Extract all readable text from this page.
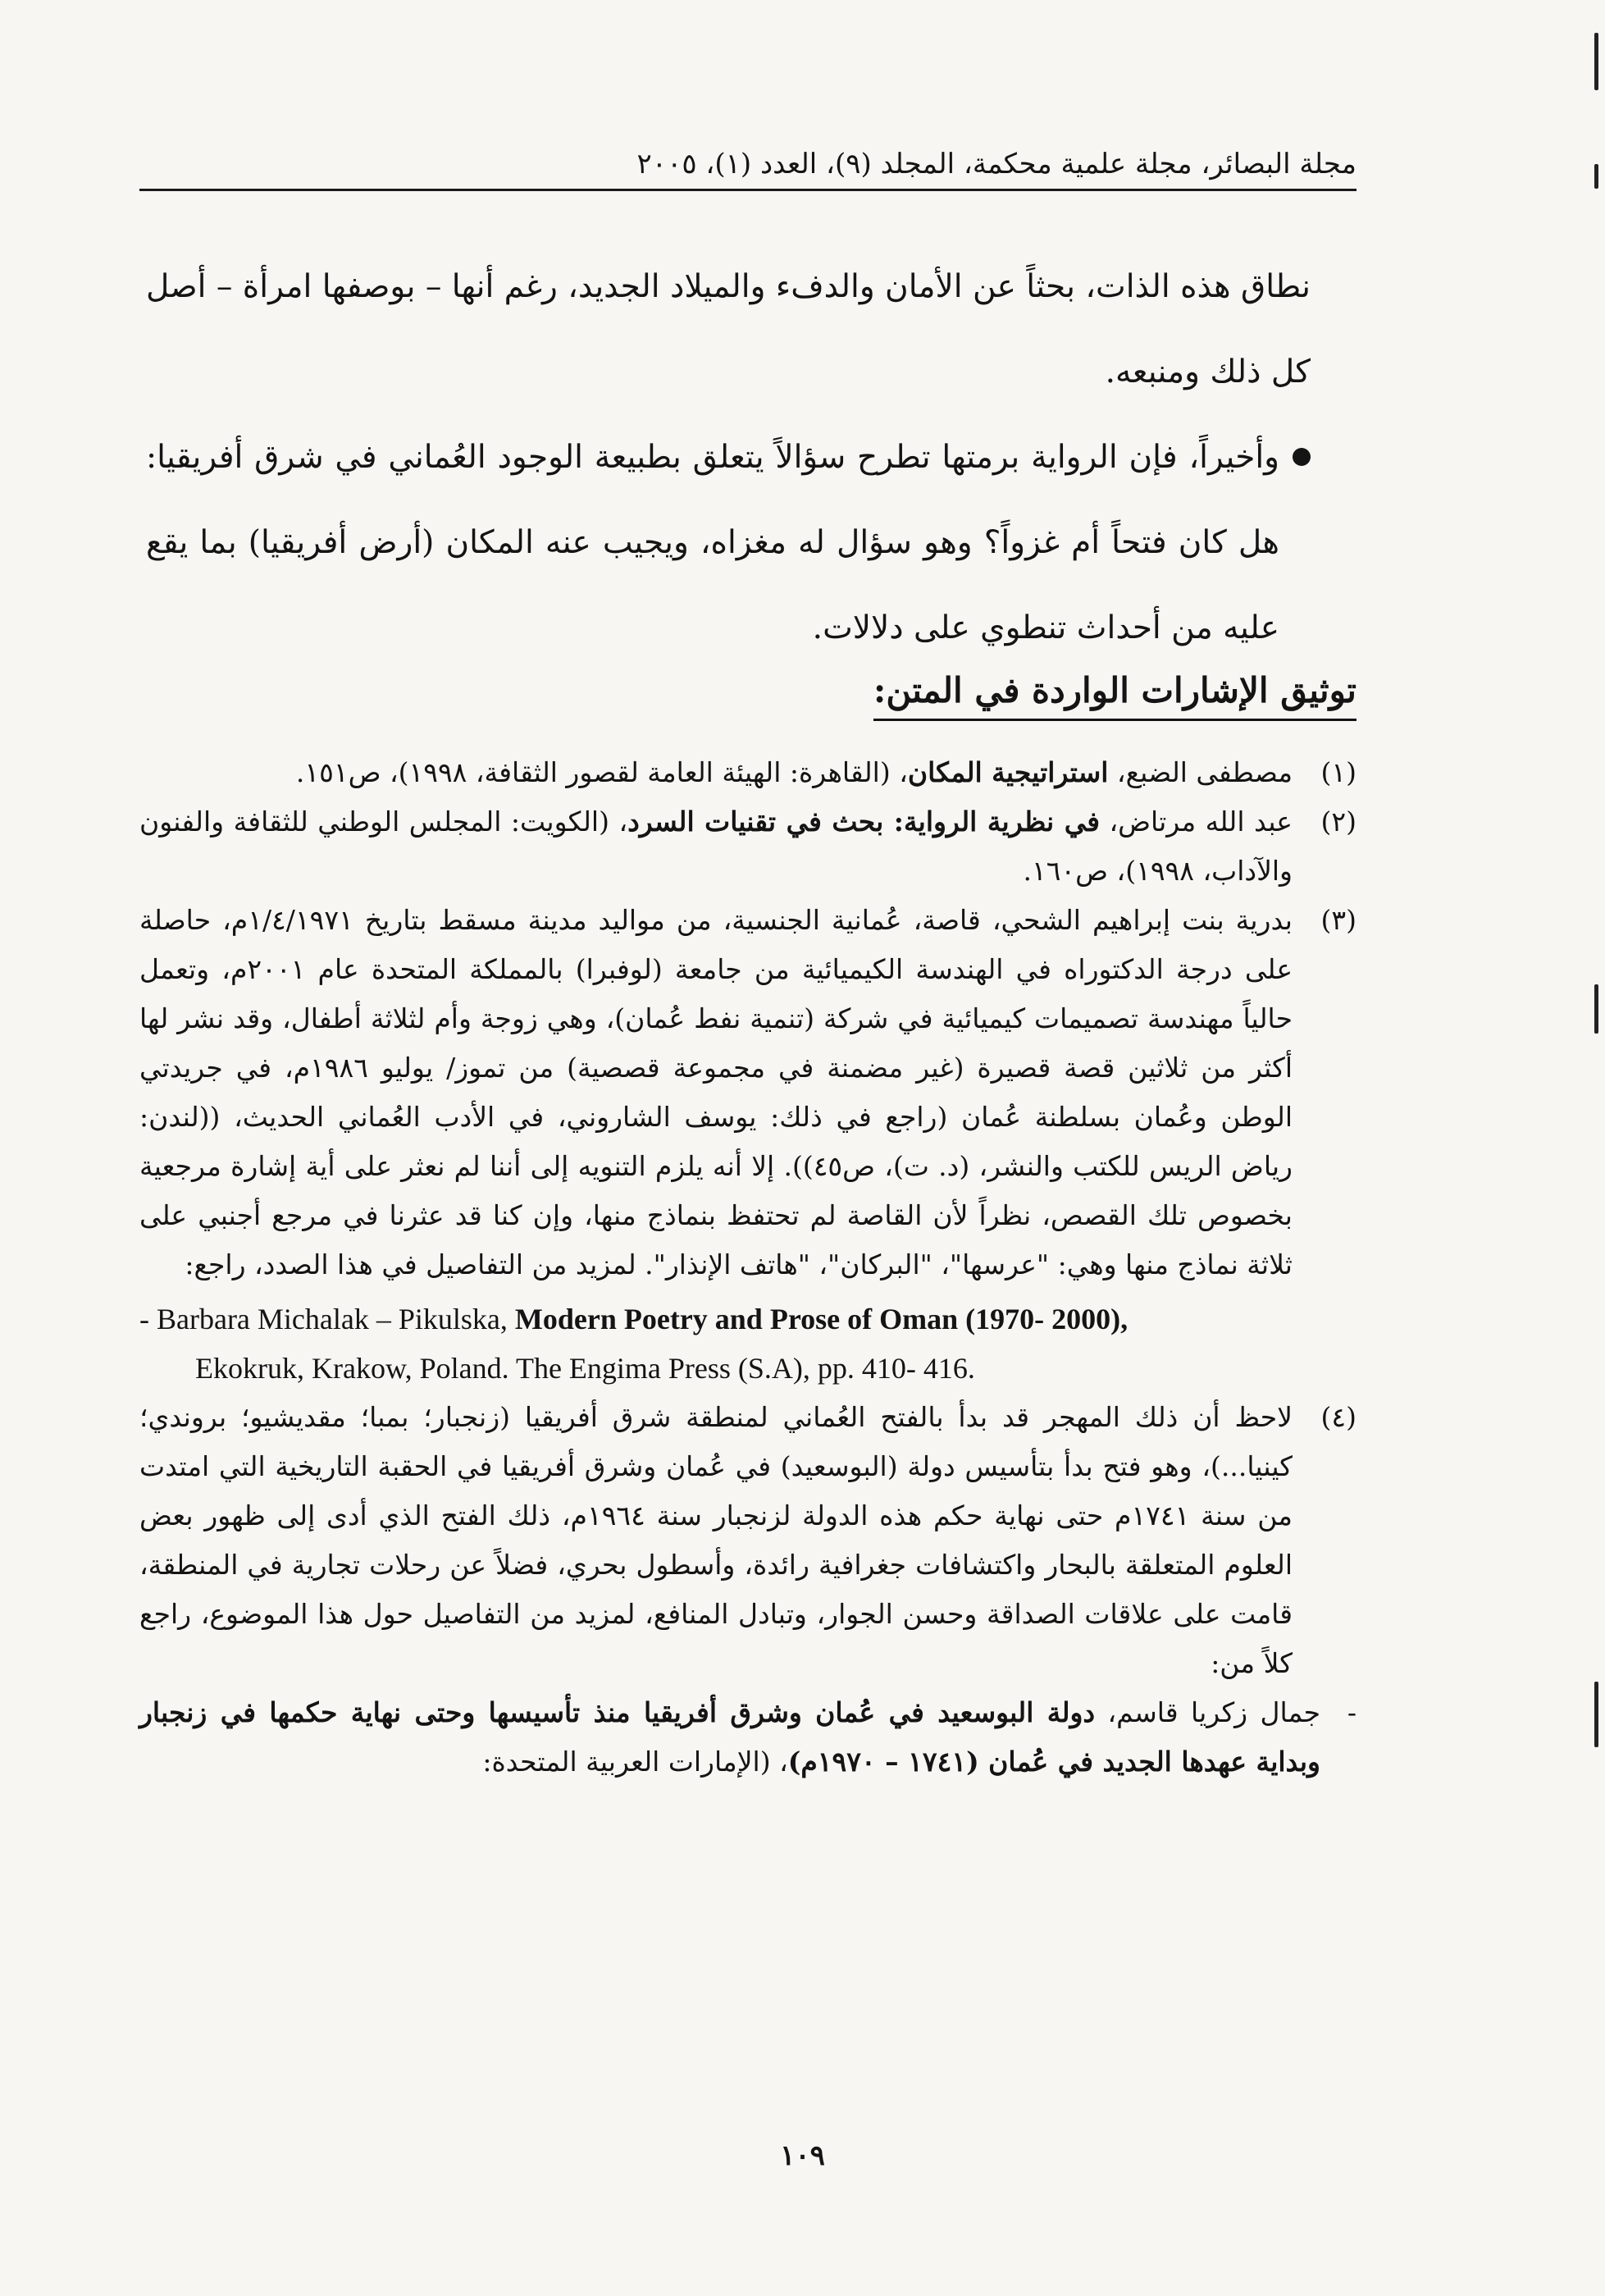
مجلة البصائر، مجلة علمية محكمة، المجلد (٩)، العدد (١)، ٢٠٠٥

نطاق هذه الذات، بحثاً عن الأمان والدفء والميلاد الجديد، رغم أنها – بوصفها امرأة – أصل كل ذلك ومنبعه.

وأخيراً، فإن الرواية برمتها تطرح سؤالاً يتعلق بطبيعة الوجود العُماني في شرق أفريقيا: هل كان فتحاً أم غزواً؟ وهو سؤال له مغزاه، ويجيب عنه المكان (أرض أفريقيا) بما يقع عليه من أحداث تنطوي على دلالات.

توثيق الإشارات الواردة في المتن:

(١)
مصطفى الضبع، استراتيجية المكان، (القاهرة: الهيئة العامة لقصور الثقافة، ١٩٩٨)، ص١٥١.

(٢)
عبد الله مرتاض، في نظرية الرواية: بحث في تقنيات السرد، (الكويت: المجلس الوطني للثقافة والفنون والآداب، ١٩٩٨)، ص١٦٠.

(٣)
بدرية بنت إبراهيم الشحي، قاصة، عُمانية الجنسية، من مواليد مدينة مسقط بتاريخ ١/٤/١٩٧١م، حاصلة على درجة الدكتوراه في الهندسة الكيميائية من جامعة (لوفبرا) بالمملكة المتحدة عام ٢٠٠١م، وتعمل حالياً مهندسة تصميمات كيميائية في شركة (تنمية نفط عُمان)، وهي زوجة وأم لثلاثة أطفال، وقد نشر لها أكثر من ثلاثين قصة قصيرة (غير مضمنة في مجموعة قصصية) من تموز/ يوليو ١٩٨٦م، في جريدتي الوطن وعُمان بسلطنة عُمان (راجع في ذلك: يوسف الشاروني، في الأدب العُماني الحديث، ((لندن: رياض الريس للكتب والنشر، (د. ت)، ص٤٥)). إلا أنه يلزم التنويه إلى أننا لم نعثر على أية إشارة مرجعية بخصوص تلك القصص، نظراً لأن القاصة لم تحتفظ بنماذج منها، وإن كنا قد عثرنا في مرجع أجنبي على ثلاثة نماذج منها وهي: "عرسها"، "البركان"، "هاتف الإنذار". لمزيد من التفاصيل في هذا الصدد، راجع:

- Barbara Michalak – Pikulska, Modern Poetry and Prose of Oman (1970- 2000),
Ekokruk, Krakow, Poland. The Engima Press (S.A), pp. 410- 416.

(٤)
لاحظ أن ذلك المهجر قد بدأ بالفتح العُماني لمنطقة شرق أفريقيا (زنجبار؛ بمبا؛ مقديشيو؛ بروندي؛ كينيا...)، وهو فتح بدأ بتأسيس دولة (البوسعيد) في عُمان وشرق أفريقيا في الحقبة التاريخية التي امتدت من سنة ١٧٤١م حتى نهاية حكم هذه الدولة لزنجبار سنة ١٩٦٤م، ذلك الفتح الذي أدى إلى ظهور بعض العلوم المتعلقة بالبحار واكتشافات جغرافية رائدة، وأسطول بحري، فضلاً عن رحلات تجارية في المنطقة، قامت على علاقات الصداقة وحسن الجوار، وتبادل المنافع، لمزيد من التفاصيل حول هذا الموضوع، راجع كلاً من:

-
جمال زكريا قاسم، دولة البوسعيد في عُمان وشرق أفريقيا منذ تأسيسها وحتى نهاية حكمها في زنجبار وبداية عهدها الجديد في عُمان (١٧٤١ – ١٩٧٠م)، (الإمارات العربية المتحدة:

١٠٩
